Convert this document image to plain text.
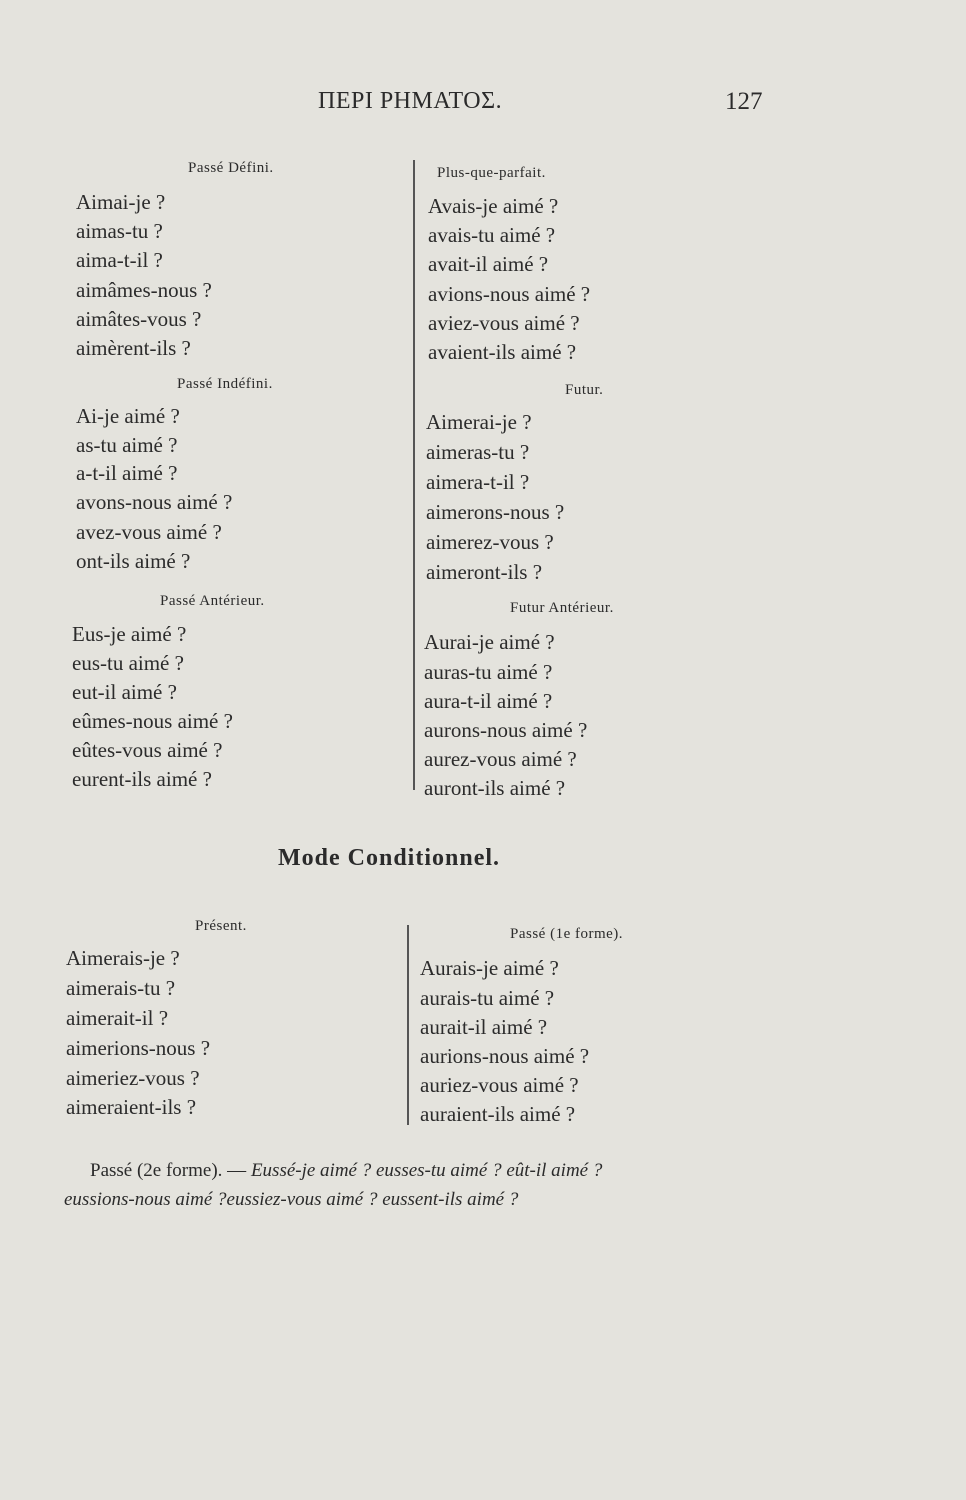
ΠΕΡΙ ΡΗΜΑΤΟΣ.	127
Passé Défini.
Aimai-je ?
aimas-tu ?
aima-t-il ?
aimâmes-nous ?
aimâtes-vous ?
aimèrent-ils ?
Passé Indéfini.
Ai-je aimé ?
as-tu aimé ?
a-t-il aimé ?
avons-nous aimé ?
avez-vous aimé ?
ont-ils aimé ?
Passé Antérieur.
Eus-je aimé ?
eus-tu aimé ?
eut-il aimé ?
eûmes-nous aimé ?
eûtes-vous aimé ?
eurent-ils aimé ?
Plus-que-parfait.
Avais-je aimé ?
avais-tu aimé ?
avait-il aimé ?
avions-nous aimé ?
aviez-vous aimé ?
avaient-ils aimé ?
Futur.
Aimerai-je ?
aimeras-tu ?
aimera-t-il ?
aimerons-nous ?
aimerez-vous ?
aimeront-ils ?
Futur Antérieur.
Aurai-je aimé ?
auras-tu aimé ?
aura-t-il aimé ?
aurons-nous aimé ?
aurez-vous aimé ?
auront-ils aimé ?
Mode Conditionnel.
Présent.
Aimerais-je ?
aimerais-tu ?
aimerait-il ?
aimerions-nous ?
aimeriez-vous ?
aimeraient-ils ?
Passé (1e forme).
Aurais-je aimé ?
aurais-tu aimé ?
aurait-il aimé ?
aurions-nous aimé ?
auriez-vous aimé ?
auraient-ils aimé ?
Passé (2e forme). — Eussé-je aimé ? eusses-tu aimé ? eût-il aimé ?
eussions-nous aimé ?eussiez-vous aimé ? eussent-ils aimé ?
